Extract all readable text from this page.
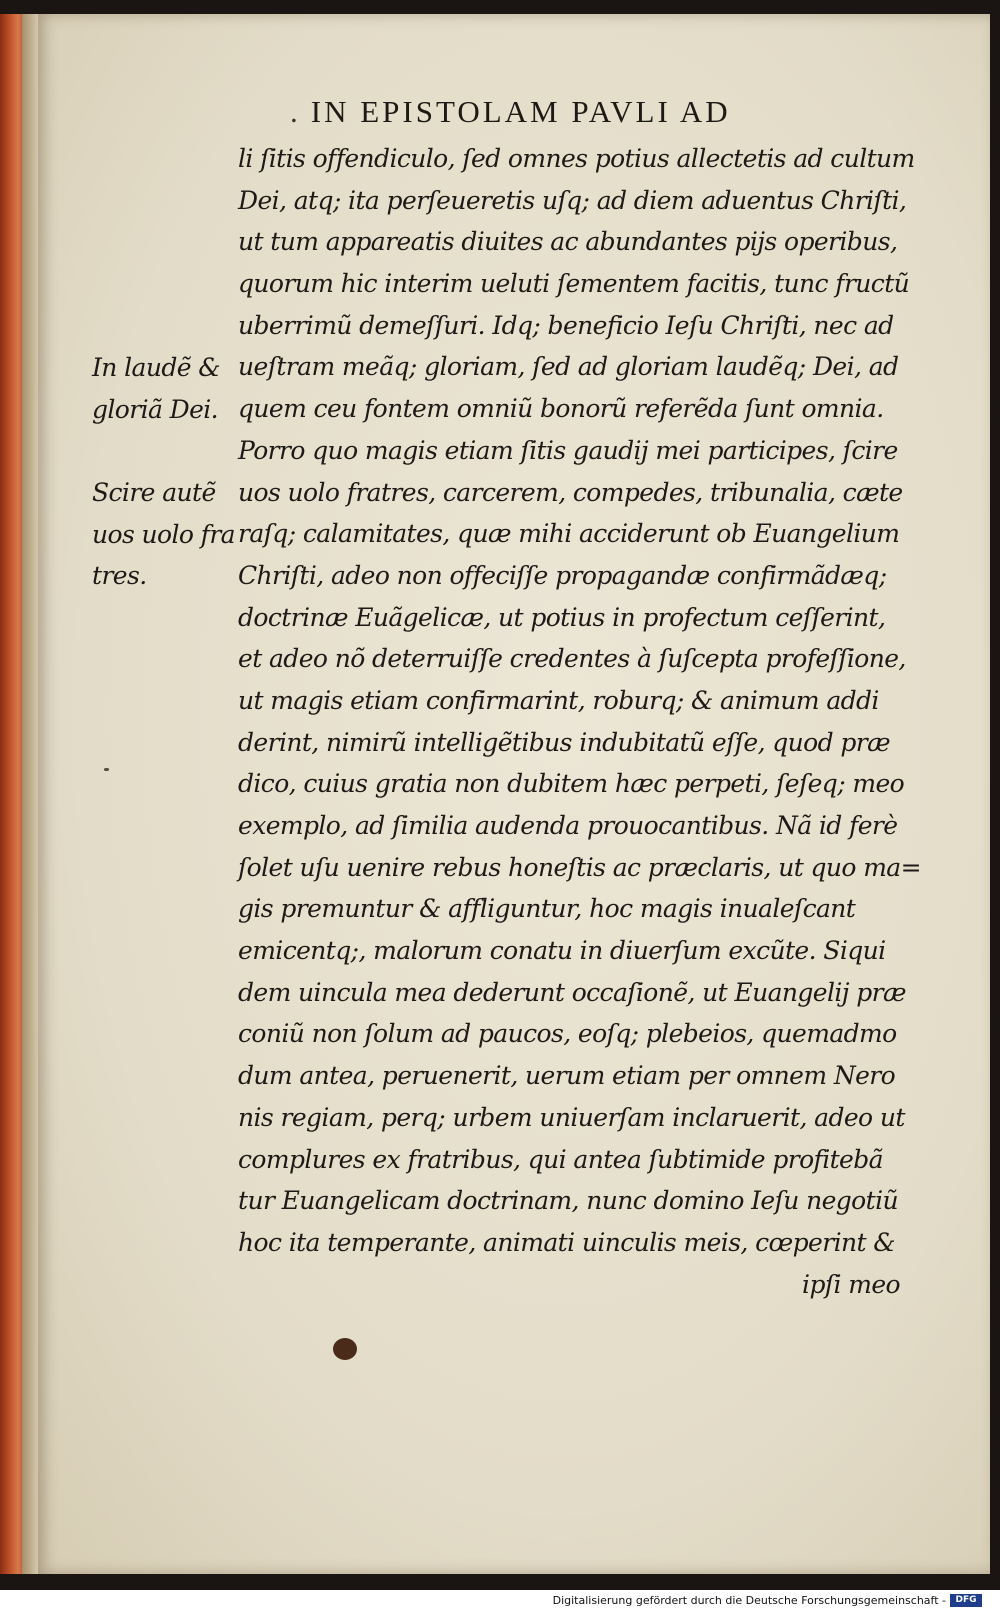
. IN EPISTOLAM PAVLI AD
li ſitis offendiculo, ſed omnes potius allectetis ad cultum
Dei, atq; ita perſeueretis uſq; ad diem aduentus Chriſti,
ut tum appareatis diuites ac abundantes pijs operibus,
quorum hic interim ueluti ſementem facitis, tunc fructũ
uberrimũ demeſſuri. Idq; beneficio Ieſu Chriſti, nec ad
ueſtram meãq; gloriam, ſed ad gloriam laudẽq; Dei, ad
quem ceu fontem omniũ bonorũ referẽda ſunt omnia.
Porro quo magis etiam ſitis gaudij mei participes, ſcire
uos uolo fratres, carcerem, compedes, tribunalia, cæte
raſq; calamitates, quæ mihi acciderunt ob Euangelium
Chriſti, adeo non offeciſſe propagandæ confirmãdæq;
doctrinæ Euãgelicæ, ut potius in profectum ceſſerint,
et adeo nõ deterruiſſe credentes à ſuſcepta profeſſione,
ut magis etiam confirmarint, roburq; & animum addi
derint, nimirũ intelligẽtibus indubitatũ eſſe, quod præ
dico, cuius gratia non dubitem hæc perpeti, ſeſeq; meo
exemplo, ad ſimilia audenda prouocantibus. Nã id ferè
ſolet uſu uenire rebus honeſtis ac præclaris, ut quo ma=
gis premuntur & affliguntur, hoc magis inualeſcant
emicentq;, malorum conatu in diuerſum excũte. Siqui
dem uincula mea dederunt occaſionẽ, ut Euangelij præ
coniũ non ſolum ad paucos, eoſq; plebeios, quemadmo
dum antea, peruenerit, uerum etiam per omnem Nero
nis regiam, perq; urbem uniuerſam inclaruerit, adeo ut
complures ex fratribus, qui antea ſubtimide profitebã
tur Euangelicam doctrinam, nunc domino Ieſu negotiũ
hoc ita temperante, animati uinculis meis, cœperint &
ipſi meo

In laudẽ &
gloriã Dei.

Scire autẽ
uos uolo fra
tres.

Digitalisierung gefördert durch die Deutsche Forschungsgemeinschaft -	DFG
